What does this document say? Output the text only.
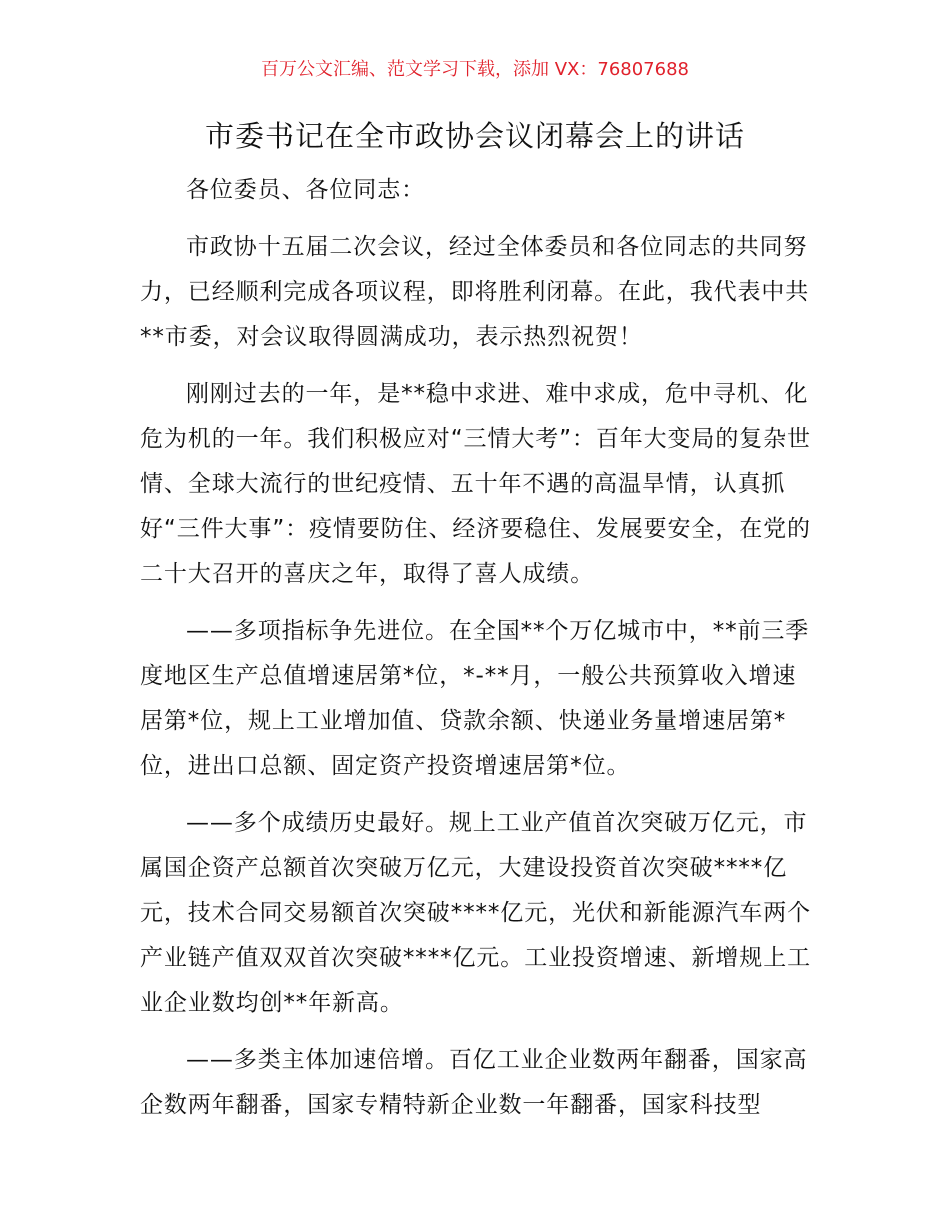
百万公文汇编、范文学习下载，添加 VX：76807688
市委书记在全市政协会议闭幕会上的讲话

各位委员、各位同志：

市政协十五届二次会议，经过全体委员和各位同志的共同努力，已经顺利完成各项议程，即将胜利闭幕。在此，我代表中共**市委，对会议取得圆满成功，表示热烈祝贺！

刚刚过去的一年，是**稳中求进、难中求成，危中寻机、化危为机的一年。我们积极应对“三情大考”：百年大变局的复杂世情、全球大流行的世纪疫情、五十年不遇的高温旱情，认真抓好“三件大事”：疫情要防住、经济要稳住、发展要安全，在党的二十大召开的喜庆之年，取得了喜人成绩。

——多项指标争先进位。在全国**个万亿城市中，**前三季度地区生产总值增速居第*位，*-**月，一般公共预算收入增速居第*位，规上工业增加值、贷款余额、快递业务量增速居第*位，进出口总额、固定资产投资增速居第*位。

——多个成绩历史最好。规上工业产值首次突破万亿元，市属国企资产总额首次突破万亿元，大建设投资首次突破****亿元，技术合同交易额首次突破****亿元，光伏和新能源汽车两个产业链产值双双首次突破****亿元。工业投资增速、新增规上工业企业数均创**年新高。

——多类主体加速倍增。百亿工业企业数两年翻番，国家高企数两年翻番，国家专精特新企业数一年翻番，国家科技型
